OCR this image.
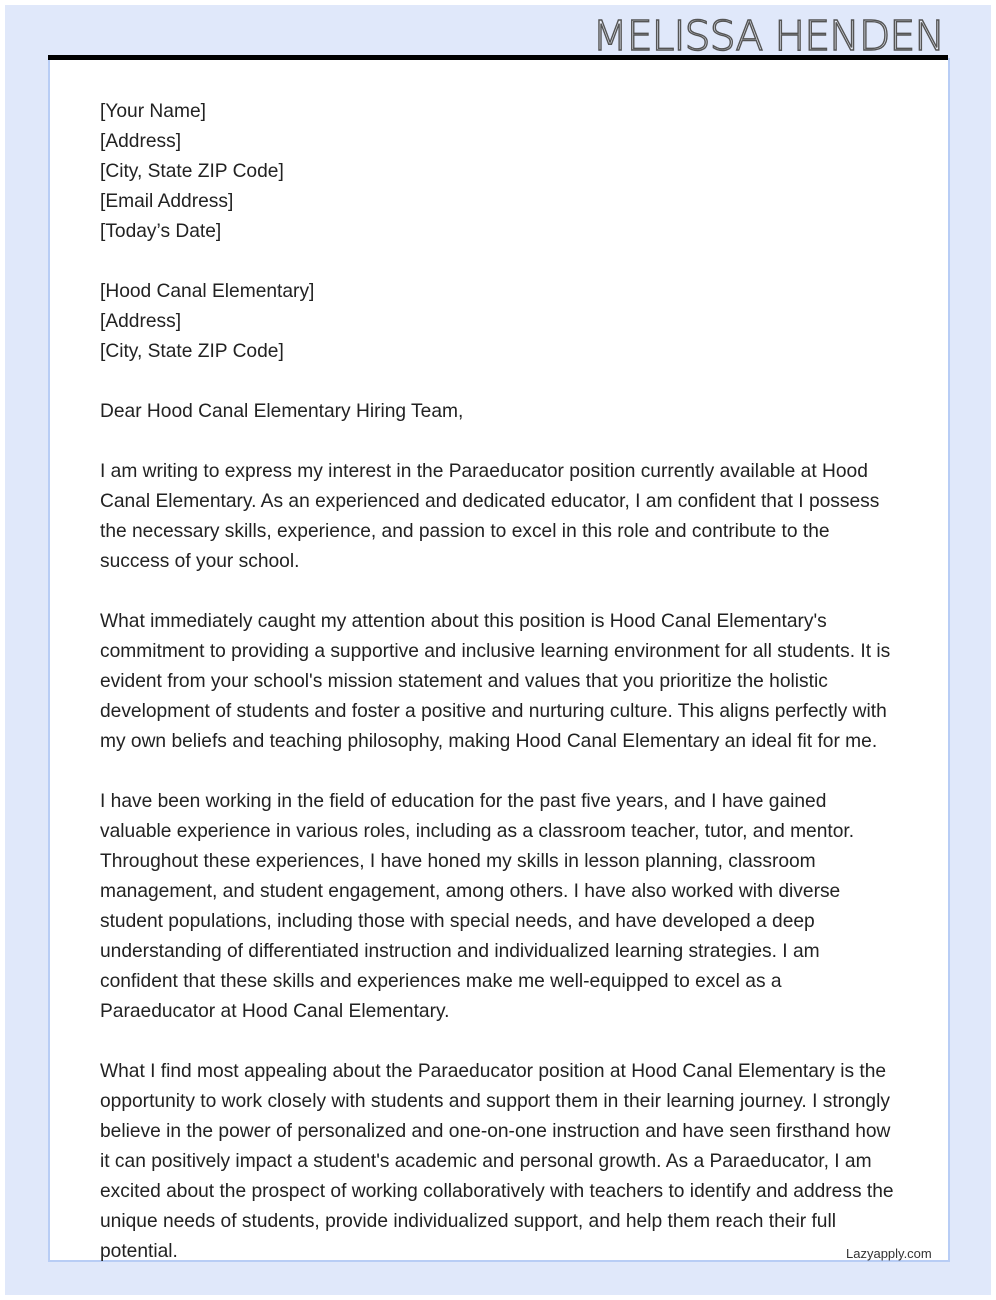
MELISSA HENDEN

[Your Name]
[Address]
[City, State ZIP Code]
[Email Address]
[Today’s Date]

[Hood Canal Elementary]
[Address]
[City, State ZIP Code]

Dear Hood Canal Elementary Hiring Team,

I am writing to express my interest in the Paraeducator position currently available at Hood Canal Elementary. As an experienced and dedicated educator, I am confident that I possess the necessary skills, experience, and passion to excel in this role and contribute to the success of your school.

What immediately caught my attention about this position is Hood Canal Elementary's commitment to providing a supportive and inclusive learning environment for all students. It is evident from your school's mission statement and values that you prioritize the holistic development of students and foster a positive and nurturing culture. This aligns perfectly with my own beliefs and teaching philosophy, making Hood Canal Elementary an ideal fit for me.

I have been working in the field of education for the past five years, and I have gained valuable experience in various roles, including as a classroom teacher, tutor, and mentor. Throughout these experiences, I have honed my skills in lesson planning, classroom management, and student engagement, among others. I have also worked with diverse student populations, including those with special needs, and have developed a deep understanding of differentiated instruction and individualized learning strategies. I am confident that these skills and experiences make me well-equipped to excel as a Paraeducator at Hood Canal Elementary.

What I find most appealing about the Paraeducator position at Hood Canal Elementary is the opportunity to work closely with students and support them in their learning journey. I strongly believe in the power of personalized and one-on-one instruction and have seen firsthand how it can positively impact a student's academic and personal growth. As a Paraeducator, I am excited about the prospect of working collaboratively with teachers to identify and address the unique needs of students, provide individualized support, and help them reach their full potential.	Lazyapply.com
